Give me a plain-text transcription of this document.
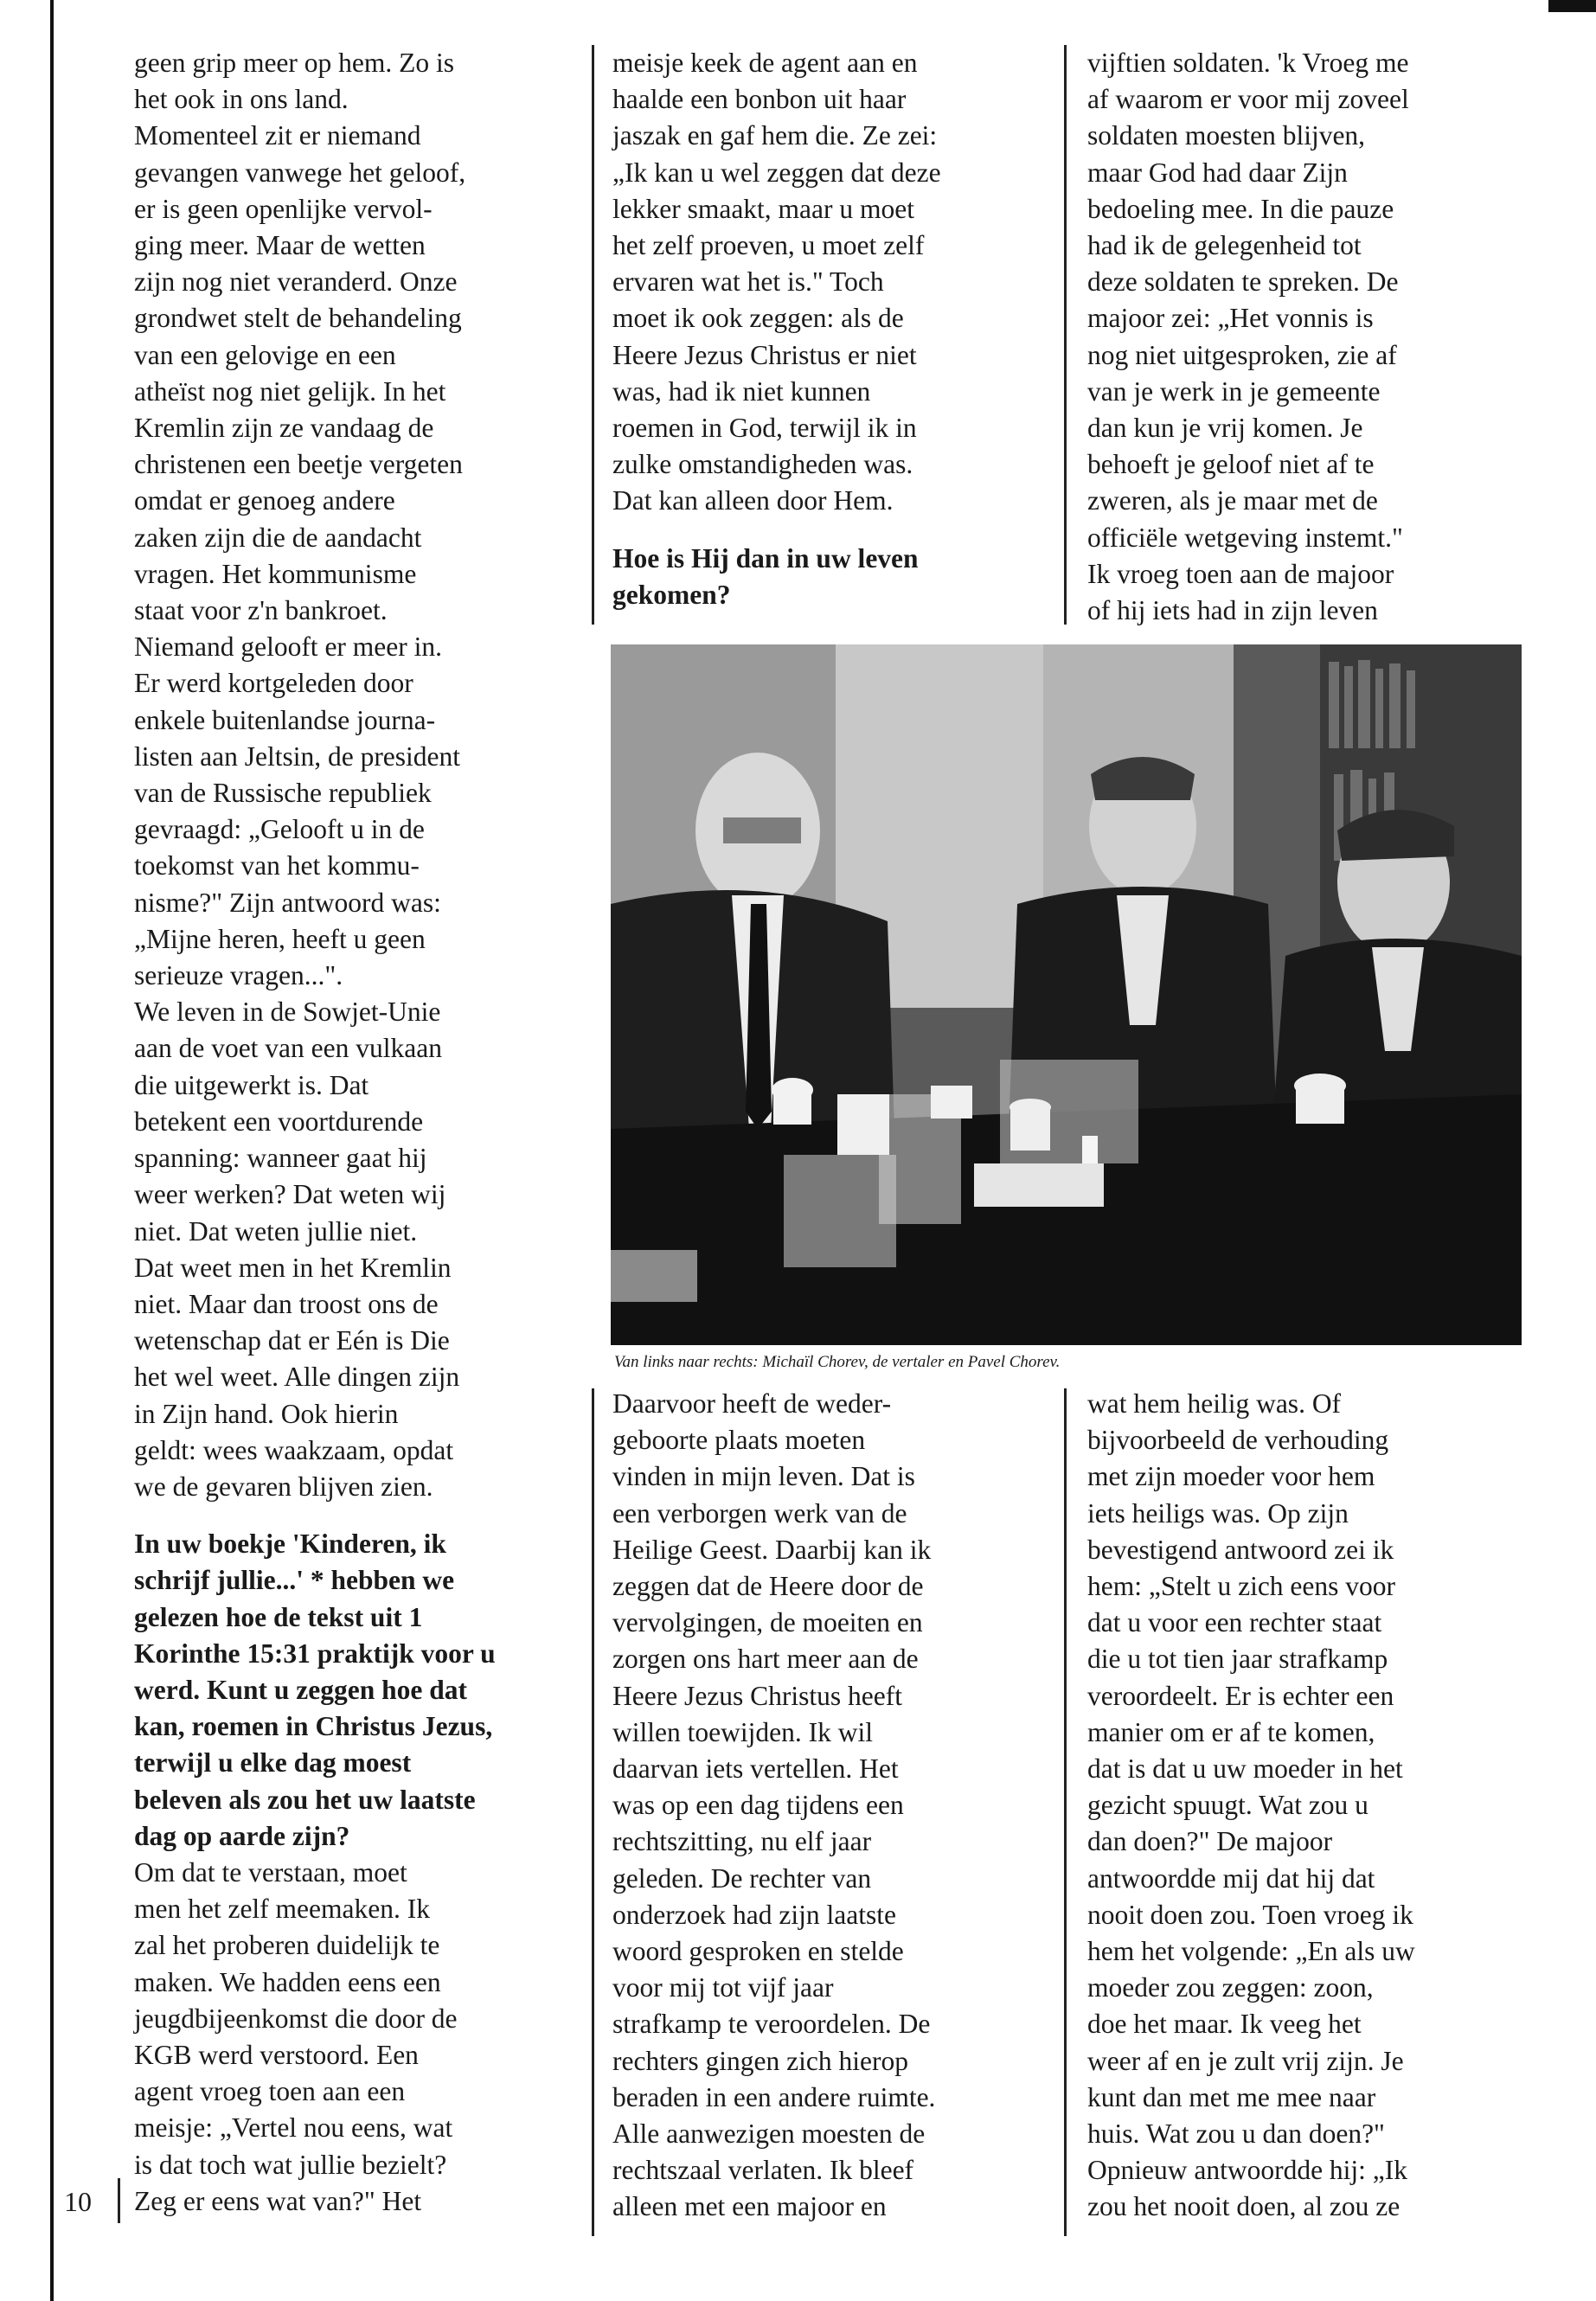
geen grip meer op hem. Zo is
het ook in ons land.
Momenteel zit er niemand
gevangen vanwege het geloof,
er is geen openlijke vervol-
ging meer. Maar de wetten
zijn nog niet veranderd. Onze
grondwet stelt de behandeling
van een gelovige en een
atheïst nog niet gelijk. In het
Kremlin zijn ze vandaag de
christenen een beetje vergeten
omdat er genoeg andere
zaken zijn die de aandacht
vragen. Het kommunisme
staat voor z'n bankroet.
Niemand gelooft er meer in.
Er werd kortgeleden door
enkele buitenlandse journa-
listen aan Jeltsin, de president
van de Russische republiek
gevraagd: „Gelooft u in de
toekomst van het kommu-
nisme?" Zijn antwoord was:
„Mijne heren, heeft u geen
serieuze vragen...".
We leven in de Sowjet-Unie
aan de voet van een vulkaan
die uitgewerkt is. Dat
betekent een voortdurende
spanning: wanneer gaat hij
weer werken? Dat weten wij
niet. Dat weten jullie niet.
Dat weet men in het Kremlin
niet. Maar dan troost ons de
wetenschap dat er Eén is Die
het wel weet. Alle dingen zijn
in Zijn hand. Ook hierin
geldt: wees waakzaam, opdat
we de gevaren blijven zien.

In uw boekje 'Kinderen, ik
schrijf jullie...' * hebben we
gelezen hoe de tekst uit 1
Korinthe 15:31 praktijk voor u
werd. Kunt u zeggen hoe dat
kan, roemen in Christus Jezus,
terwijl u elke dag moest
beleven als zou het uw laatste
dag op aarde zijn?

Om dat te verstaan, moet
men het zelf meemaken. Ik
zal het proberen duidelijk te
maken. We hadden eens een
jeugdbijeenkomst die door de
KGB werd verstoord. Een
agent vroeg toen aan een
meisje: „Vertel nou eens, wat
is dat toch wat jullie bezielt?
Zeg er eens wat van?" Het

meisje keek de agent aan en
haalde een bonbon uit haar
jaszak en gaf hem die. Ze zei:
„Ik kan u wel zeggen dat deze
lekker smaakt, maar u moet
het zelf proeven, u moet zelf
ervaren wat het is." Toch
moet ik ook zeggen: als de
Heere Jezus Christus er niet
was, had ik niet kunnen
roemen in God, terwijl ik in
zulke omstandigheden was.
Dat kan alleen door Hem.

Hoe is Hij dan in uw leven
gekomen?

vijftien soldaten. 'k Vroeg me
af waarom er voor mij zoveel
soldaten moesten blijven,
maar God had daar Zijn
bedoeling mee. In die pauze
had ik de gelegenheid tot
deze soldaten te spreken. De
majoor zei: „Het vonnis is
nog niet uitgesproken, zie af
van je werk in je gemeente
dan kun je vrij komen. Je
behoeft je geloof niet af te
zweren, als je maar met de
officiële wetgeving instemt."
Ik vroeg toen aan de majoor
of hij iets had in zijn leven

Van links naar rechts: Michaïl Chorev, de vertaler en Pavel Chorev.

Daarvoor heeft de weder-
geboorte plaats moeten
vinden in mijn leven. Dat is
een verborgen werk van de
Heilige Geest. Daarbij kan ik
zeggen dat de Heere door de
vervolgingen, de moeiten en
zorgen ons hart meer aan de
Heere Jezus Christus heeft
willen toewijden. Ik wil
daarvan iets vertellen. Het
was op een dag tijdens een
rechtszitting, nu elf jaar
geleden. De rechter van
onderzoek had zijn laatste
woord gesproken en stelde
voor mij tot vijf jaar
strafkamp te veroordelen. De
rechters gingen zich hierop
beraden in een andere ruimte.
Alle aanwezigen moesten de
rechtszaal verlaten. Ik bleef
alleen met een majoor en

wat hem heilig was. Of
bijvoorbeeld de verhouding
met zijn moeder voor hem
iets heiligs was. Op zijn
bevestigend antwoord zei ik
hem: „Stelt u zich eens voor
dat u voor een rechter staat
die u tot tien jaar strafkamp
veroordeelt. Er is echter een
manier om er af te komen,
dat is dat u uw moeder in het
gezicht spuugt. Wat zou u
dan doen?" De majoor
antwoordde mij dat hij dat
nooit doen zou. Toen vroeg ik
hem het volgende: „En als uw
moeder zou zeggen: zoon,
doe het maar. Ik veeg het
weer af en je zult vrij zijn. Je
kunt dan met me mee naar
huis. Wat zou u dan doen?"
Opnieuw antwoordde hij: „Ik
zou het nooit doen, al zou ze

10
